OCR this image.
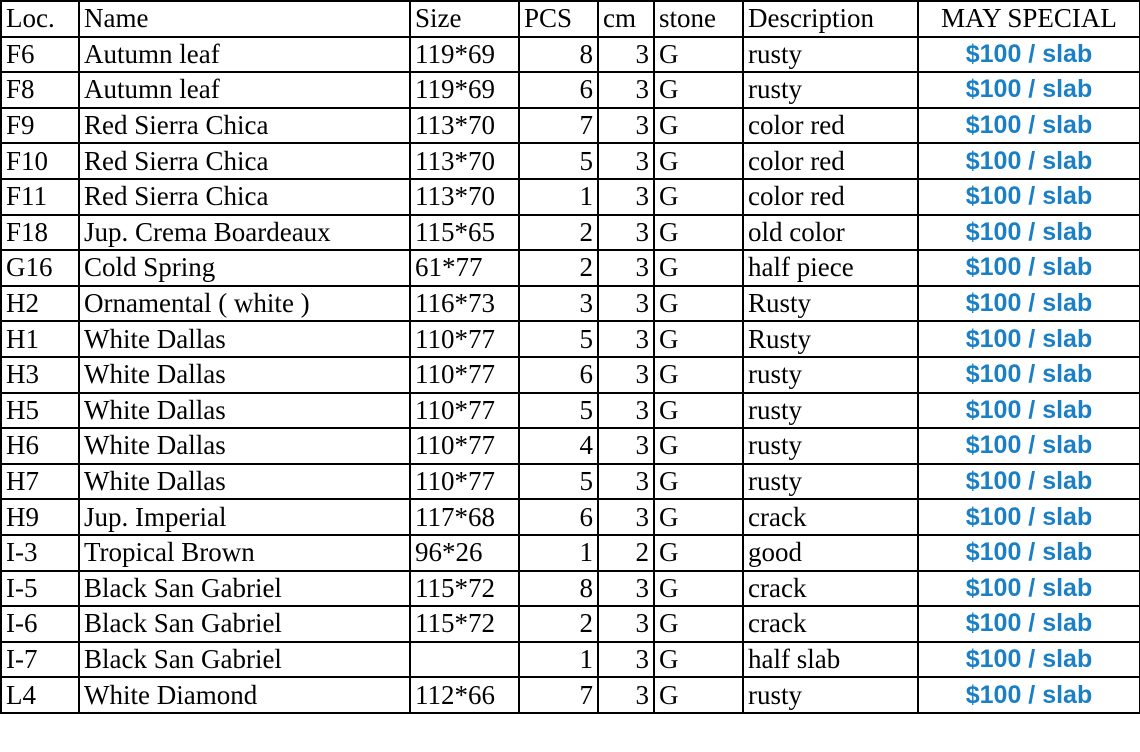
Loc.	Name	Size	PCS	cm	stone	Description	MAY SPECIAL
F6	Autumn leaf	119*69	8	3	G	rusty	$100 / slab
F8	Autumn leaf	119*69	6	3	G	rusty	$100 / slab
F9	Red Sierra Chica	113*70	7	3	G	color red	$100 / slab
F10	Red Sierra Chica	113*70	5	3	G	color red	$100 / slab
F11	Red Sierra Chica	113*70	1	3	G	color red	$100 / slab
F18	Jup. Crema Boardeaux	115*65	2	3	G	old color	$100 / slab
G16	Cold Spring	61*77	2	3	G	half piece	$100 / slab
H2	Ornamental ( white )	116*73	3	3	G	Rusty	$100 / slab
H1	White Dallas	110*77	5	3	G	Rusty	$100 / slab
H3	White Dallas	110*77	6	3	G	rusty	$100 / slab
H5	White Dallas	110*77	5	3	G	rusty	$100 / slab
H6	White Dallas	110*77	4	3	G	rusty	$100 / slab
H7	White Dallas	110*77	5	3	G	rusty	$100 / slab
H9	Jup. Imperial	117*68	6	3	G	crack	$100 / slab
I-3	Tropical Brown	96*26	1	2	G	good	$100 / slab
I-5	Black San Gabriel	115*72	8	3	G	crack	$100 / slab
I-6	Black San Gabriel	115*72	2	3	G	crack	$100 / slab
I-7	Black San Gabriel		1	3	G	half slab	$100 / slab
L4	White Diamond	112*66	7	3	G	rusty	$100 / slab
